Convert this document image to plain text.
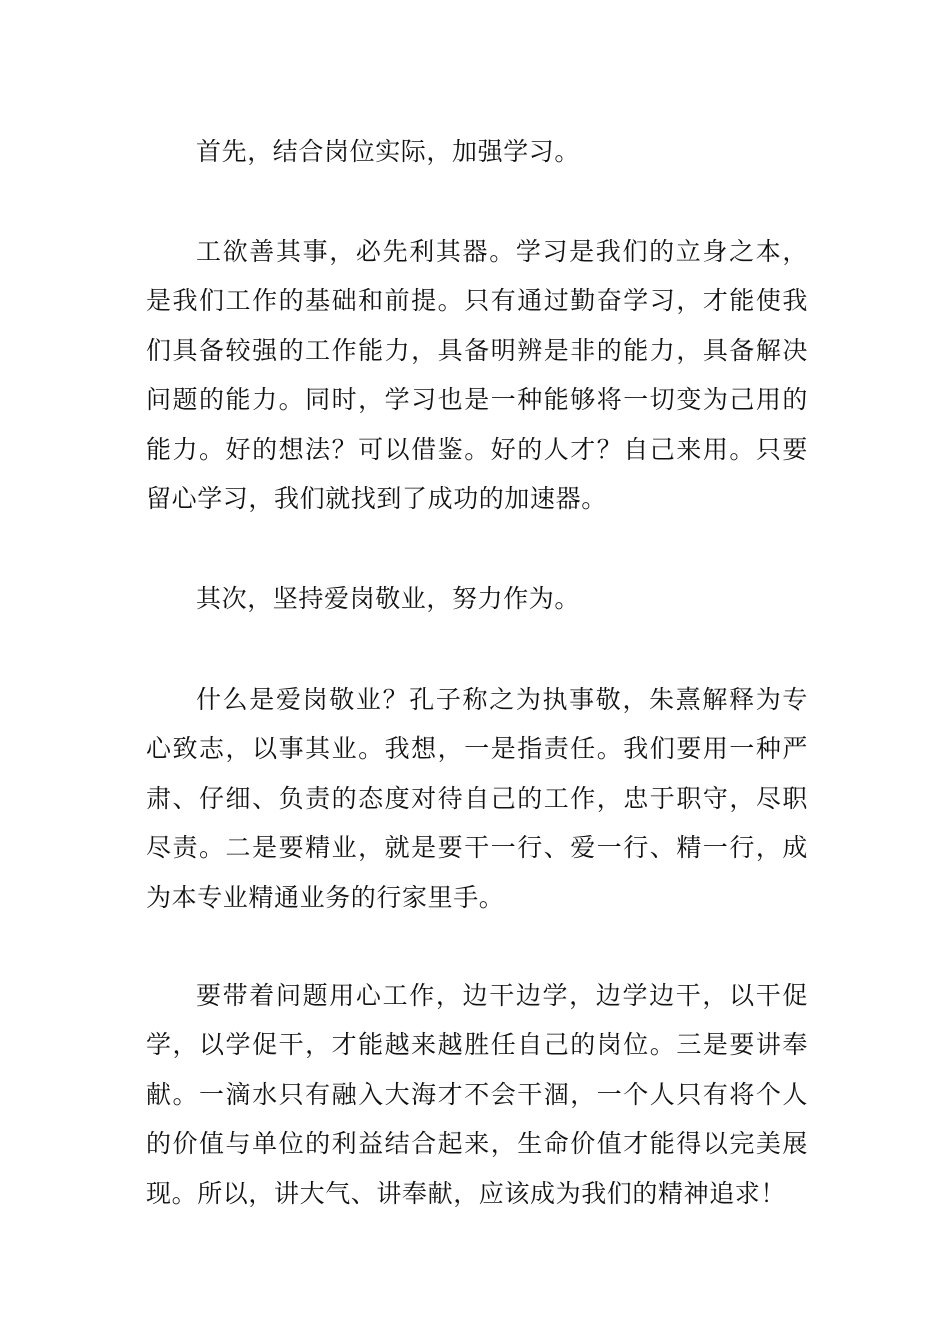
首先，结合岗位实际，加强学习。

工欲善其事，必先利其器。学习是我们的立身之本，是我们工作的基础和前提。只有通过勤奋学习，才能使我们具备较强的工作能力，具备明辨是非的能力，具备解决问题的能力。同时，学习也是一种能够将一切变为己用的能力。好的想法？可以借鉴。好的人才？自己来用。只要留心学习，我们就找到了成功的加速器。

其次，坚持爱岗敬业，努力作为。

什么是爱岗敬业？孔子称之为执事敬，朱熹解释为专心致志，以事其业。我想，一是指责任。我们要用一种严肃、仔细、负责的态度对待自己的工作，忠于职守，尽职尽责。二是要精业，就是要干一行、爱一行、精一行，成为本专业精通业务的行家里手。

要带着问题用心工作，边干边学，边学边干，以干促学，以学促干，才能越来越胜任自己的岗位。三是要讲奉献。一滴水只有融入大海才不会干涸，一个人只有将个人的价值与单位的利益结合起来，生命价值才能得以完美展现。所以，讲大气、讲奉献，应该成为我们的精神追求！
